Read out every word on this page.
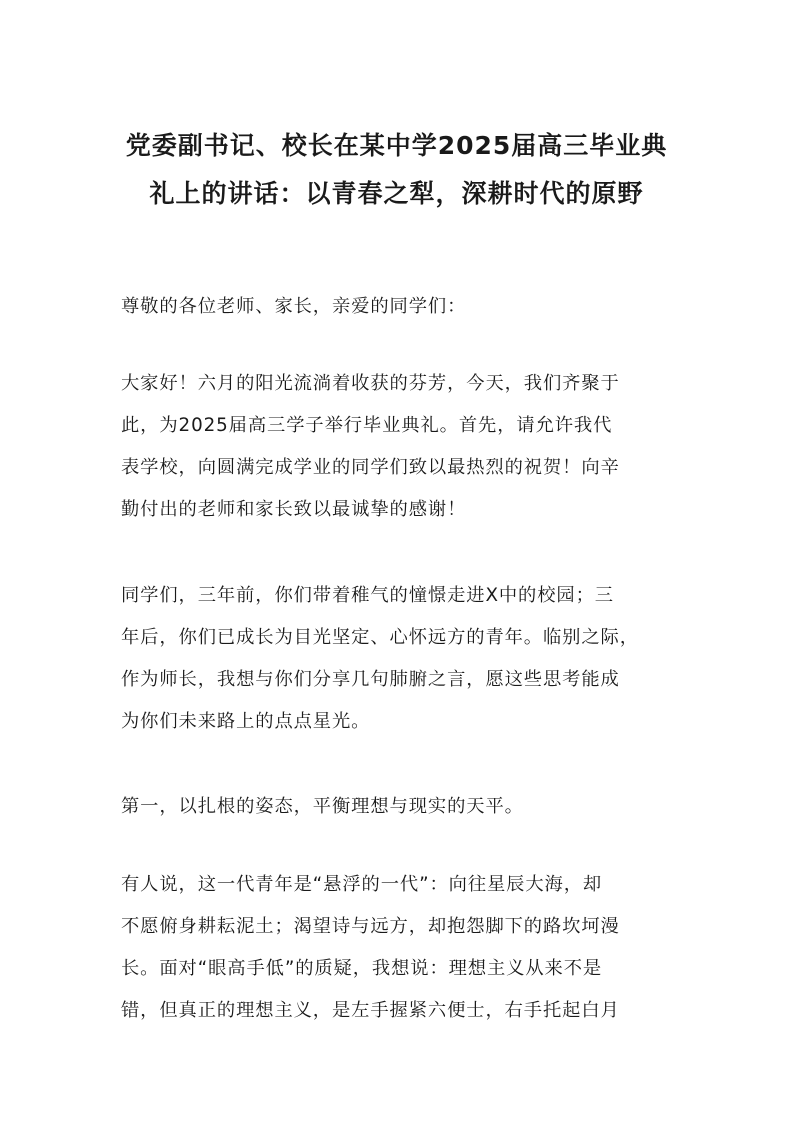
党委副书记、校长在某中学2025届高三毕业典
礼上的讲话：以青春之犁，深耕时代的原野

尊敬的各位老师、家长，亲爱的同学们：

大家好！六月的阳光流淌着收获的芬芳，今天，我们齐聚于
此，为2025届高三学子举行毕业典礼。首先，请允许我代
表学校，向圆满完成学业的同学们致以最热烈的祝贺！向辛
勤付出的老师和家长致以最诚挚的感谢！

同学们，三年前，你们带着稚气的憧憬走进X中的校园；三
年后，你们已成长为目光坚定、心怀远方的青年。临别之际，
作为师长，我想与你们分享几句肺腑之言，愿这些思考能成
为你们未来路上的点点星光。

第一，以扎根的姿态，平衡理想与现实的天平。

有人说，这一代青年是“悬浮的一代”：向往星辰大海，却
不愿俯身耕耘泥土；渴望诗与远方，却抱怨脚下的路坎坷漫
长。面对“眼高手低”的质疑，我想说：理想主义从来不是
错，但真正的理想主义，是左手握紧六便士，右手托起白月
